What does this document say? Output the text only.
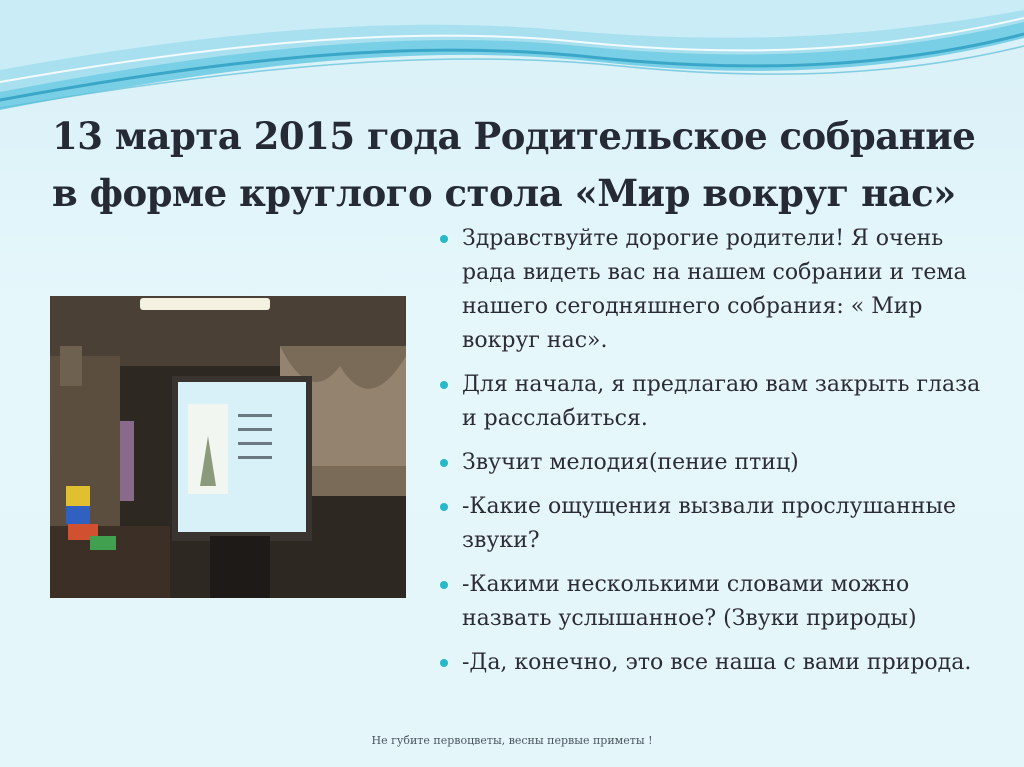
13 марта 2015 года Родительское собрание в форме круглого стола «Мир вокруг нас»
Здравствуйте дорогие родители! Я очень рада видеть вас на нашем собрании и тема нашего сегодняшнего собрания: « Мир вокруг нас».
Для начала, я предлагаю вам закрыть глаза и расслабиться.
Звучит мелодия(пение птиц)
-Какие ощущения вызвали прослушанные звуки?
-Какими несколькими словами можно назвать услышанное? (Звуки природы)
-Да, конечно, это все наша с вами природа.
Не губите первоцветы, весны первые приметы !
